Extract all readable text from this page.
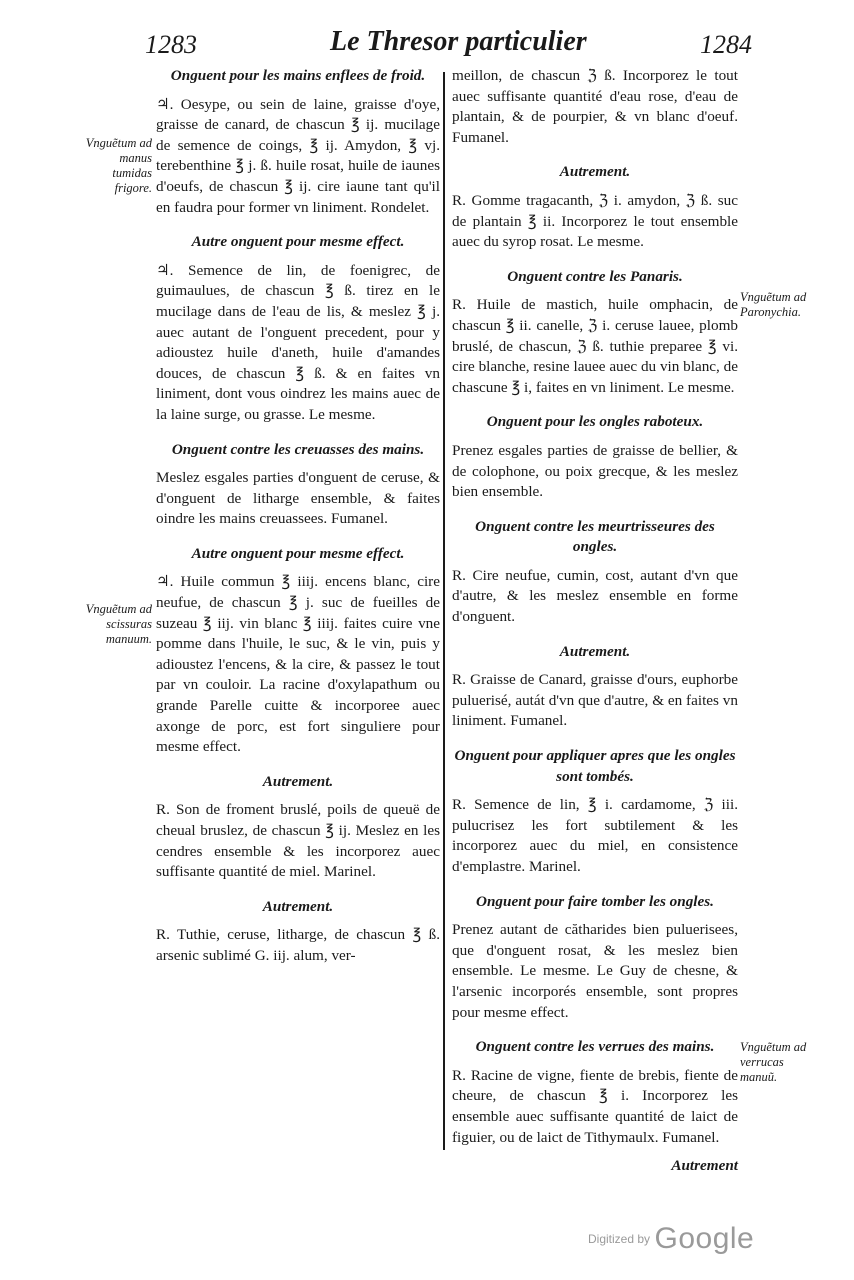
1283	Le Thresor particulier	1284
Onguent pour les mains enflees de froid.
♃. Oesype, ou sein de laine, graisse d'oye, graisse de canard, de chascun ℥ ij. mucilage de semence de coings, ℥ ij. Amydon, ℥ vj. terebenthine ℥ j. ß. huile rosat, huile de iaunes d'oeufs, de chascun ℥ ij. cire iaune tant qu'il en faudra pour former vn liniment. Rondelet.
Autre onguent pour mesme effect.
♃. Semence de lin, de foenigrec, de guimaulues, de chascun ℥ ß. tirez en le mucilage dans de l'eau de lis, & meslez ℥ j. auec autant de l'onguent precedent, pour y adioustez huile d'aneth, huile d'amandes douces, de chascun ℥ ß. & en faites vn liniment, dont vous oindrez les mains auec de la laine surge, ou grasse. Le mesme.
Onguent contre les creuasses des mains.
Meslez esgales parties d'onguent de ceruse, & d'onguent de litharge ensemble, & faites oindre les mains creuassees. Fumanel.
Autre onguent pour mesme effect.
♃. Huile commun ℥ iiij. encens blanc, cire neufue, de chascun ℥ j. suc de fueilles de suzeau ℥ iij. vin blanc ℥ iiij. faites cuire vne pomme dans l'huile, le suc, & le vin, puis y adioustez l'encens, & la cire, & passez le tout par vn couloir. La racine d'oxylapathum ou grande Parelle cuitte & incorporee auec axonge de porc, est fort singuliere pour mesme effect.
Autrement.
R. Son de froment bruslé, poils de queuë de cheual bruslez, de chascun ℥ ij. Meslez en les cendres ensemble & les incorporez auec suffisante quantité de miel. Marinel.
Autrement.
R. Tuthie, ceruse, litharge, de chascun ℥ ß. arsenic sublimé G. iij. alum, ver-
meillon, de chascun ℨ ß. Incorporez le tout auec suffisante quantité d'eau rose, d'eau de plantain, & de pourpier, & vn blanc d'oeuf. Fumanel.
Autrement.
R. Gomme tragacanth, ℨ i. amydon, ℨ ß. suc de plantain ℥ ii. Incorporez le tout ensemble auec du syrop rosat. Le mesme.
Onguent contre les Panaris.
R. Huile de mastich, huile omphacin, de chascun ℥ ii. canelle, ℨ i. ceruse lauee, plomb bruslé, de chascun, ℨ ß. tuthie preparee ℥ vi. cire blanche, resine lauee auec du vin blanc, de chascune ℥ i, faites en vn liniment. Le mesme.
Onguent pour les ongles raboteux.
Prenez esgales parties de graisse de bellier, & de colophone, ou poix grecque, & les meslez bien ensemble.
Onguent contre les meurtrisseures des ongles.
R. Cire neufue, cumin, cost, autant d'vn que d'autre, & les meslez ensemble en forme d'onguent.
Autrement.
R. Graisse de Canard, graisse d'ours, euphorbe puluerisé, autát d'vn que d'autre, & en faites vn liniment. Fumanel.
Onguent pour appliquer apres que les ongles sont tombés.
R. Semence de lin, ℥ i. cardamome, ℨ iii. pulucrisez les fort subtilement & les incorporez auec du miel, en consistence d'emplastre. Marinel.
Onguent pour faire tomber les ongles.
Prenez autant de cătharides bien puluerisees, que d'onguent rosat, & les meslez bien ensemble. Le mesme. Le Guy de chesne, & l'arsenic incorporés ensemble, sont propres pour mesme effect.
Onguent contre les verrues des mains.
R. Racine de vigne, fiente de brebis, fiente de cheure, de chascun ℥ i. Incorporez les ensemble auec suffisante quantité de laict de figuier, ou de laict de Tithymaulx. Fumanel.
Autrement
Vnguẽtum ad manus tumidas frigore.
Vnguẽtum ad scissuras manuum.
Vnguẽtum ad Paronychia.
Vnguẽtum ad verrucas manuũ.
Digitized by Google
